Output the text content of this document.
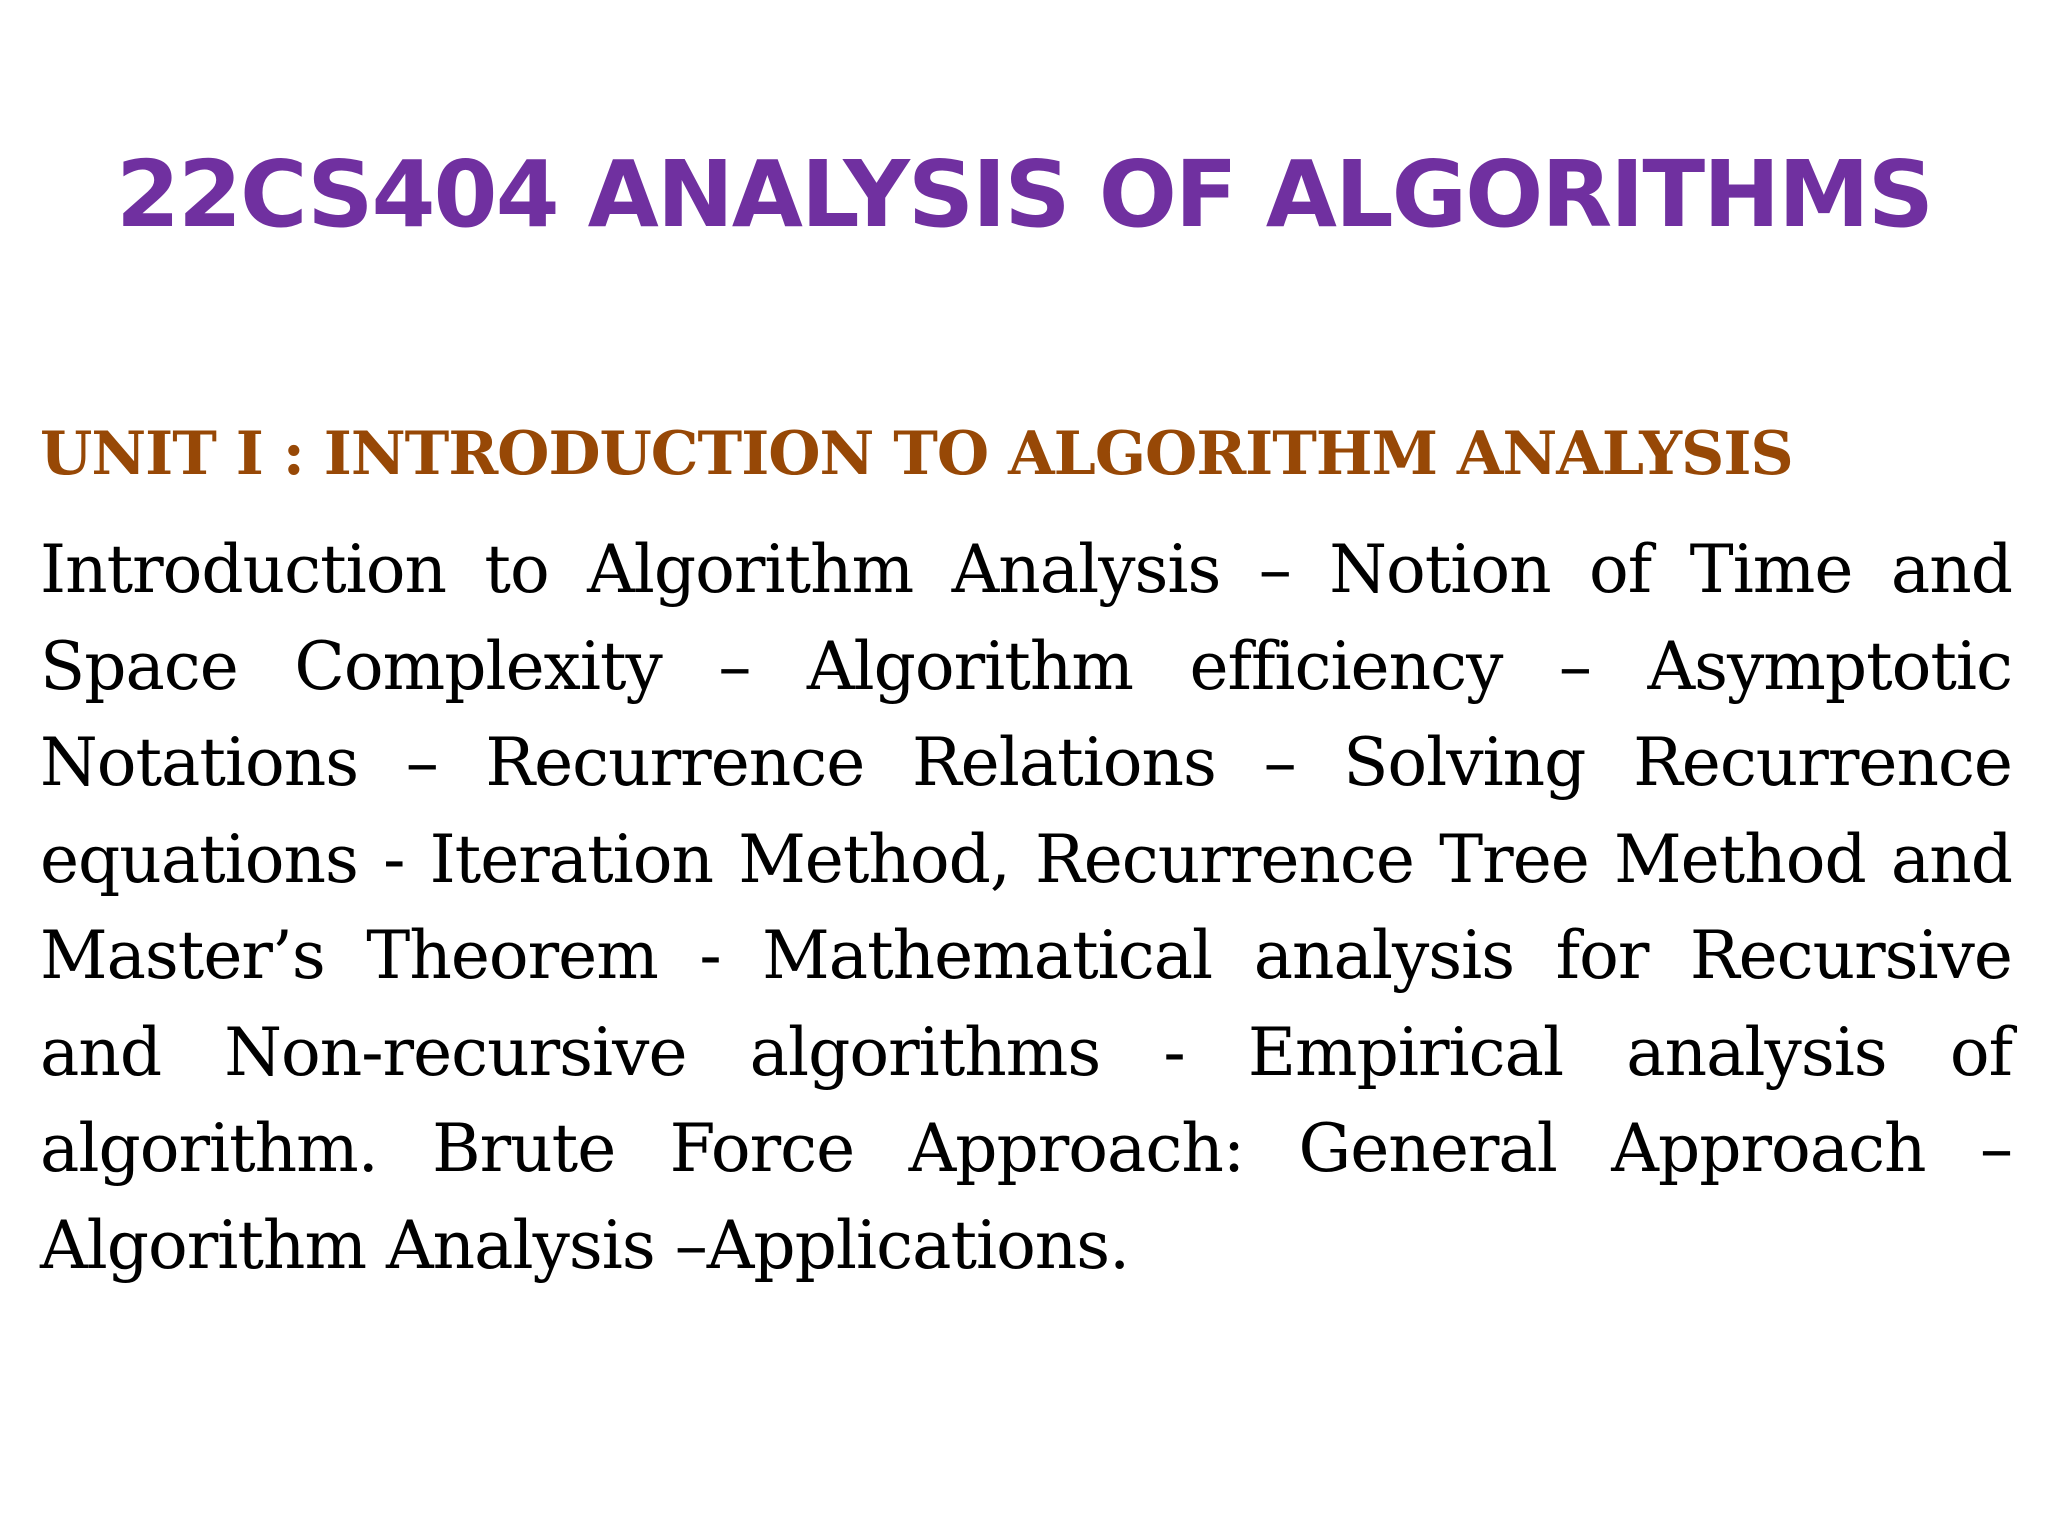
22CS404 ANALYSIS OF ALGORITHMS
UNIT I : INTRODUCTION TO ALGORITHM ANALYSIS

Introduction to Algorithm Analysis – Notion of Time and Space Complexity – Algorithm efficiency – Asymptotic Notations – Recurrence Relations – Solving Recurrence equations - Iteration Method, Recurrence Tree Method and Master’s Theorem - Mathematical analysis for Recursive and Non-recursive algorithms - Empirical analysis of algorithm. Brute Force Approach: General Approach – Algorithm Analysis –Applications.
